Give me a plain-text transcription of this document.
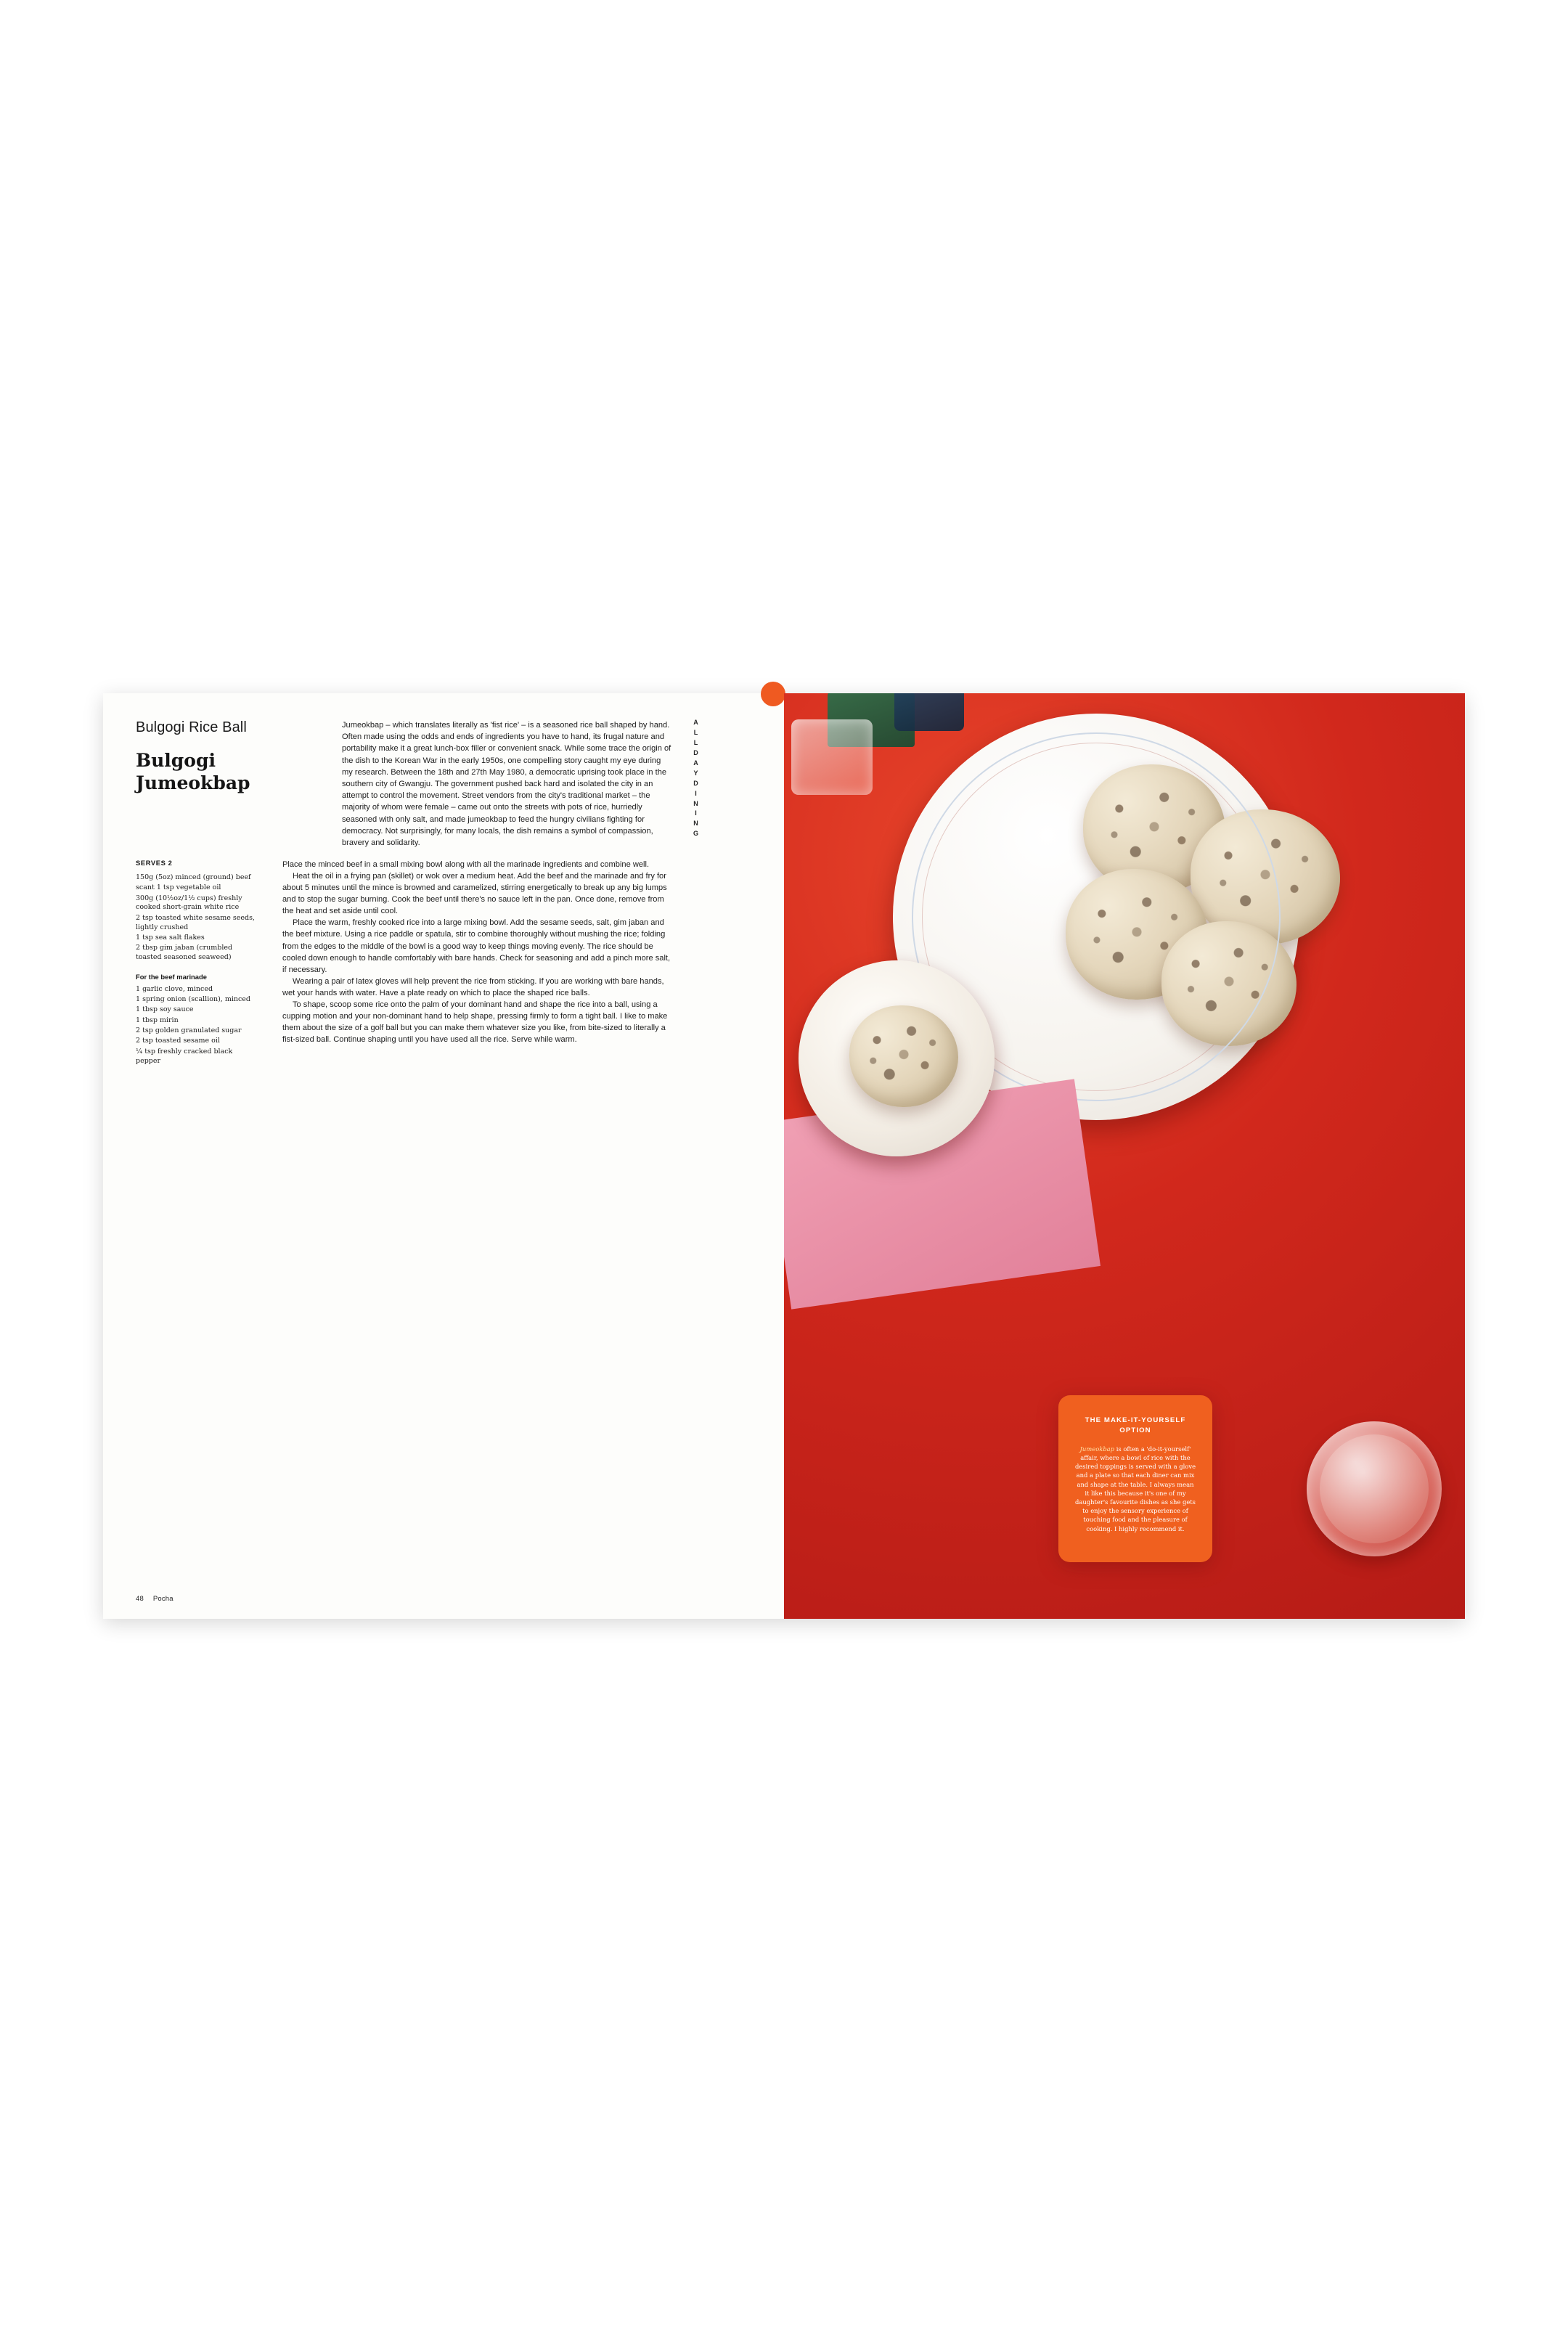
Bulgogi Rice Ball
Bulgogi
Jumeokbap
Jumeokbap – which translates literally as 'fist rice' – is a seasoned rice ball shaped by hand. Often made using the odds and ends of ingredients you have to hand, its frugal nature and portability make it a great lunch-box filler or convenient snack. While some trace the origin of the dish to the Korean War in the early 1950s, one compelling story caught my eye during my research. Between the 18th and 27th May 1980, a democratic uprising took place in the southern city of Gwangju. The government pushed back hard and isolated the city in an attempt to control the movement. Street vendors from the city's traditional market – the majority of whom were female – came out onto the streets with pots of rice, hurriedly seasoned with only salt, and made jumeokbap to feed the hungry civilians fighting for democracy. Not surprisingly, for many locals, the dish remains a symbol of compassion, bravery and solidarity.
A
L
L
D
A
Y
D
I
N
I
N
G
SERVES 2
150g (5oz) minced (ground) beef
scant 1 tsp vegetable oil
300g (10½oz/1½ cups) freshly cooked short-grain white rice
2 tsp toasted white sesame seeds, lightly crushed
1 tsp sea salt flakes
2 tbsp gim jaban (crumbled toasted seasoned seaweed)
For the beef marinade
1 garlic clove, minced
1 spring onion (scallion), minced
1 tbsp soy sauce
1 tbsp mirin
2 tsp golden granulated sugar
2 tsp toasted sesame oil
¼ tsp freshly cracked black pepper

Place the minced beef in a small mixing bowl along with all the marinade ingredients and combine well.

Heat the oil in a frying pan (skillet) or wok over a medium heat. Add the beef and the marinade and fry for about 5 minutes until the mince is browned and caramelized, stirring energetically to break up any big lumps and to stop the sugar burning. Cook the beef until there's no sauce left in the pan. Once done, remove from the heat and set aside until cool.

Place the warm, freshly cooked rice into a large mixing bowl. Add the sesame seeds, salt, gim jaban and the beef mixture. Using a rice paddle or spatula, stir to combine thoroughly without mushing the rice; folding from the edges to the middle of the bowl is a good way to keep things moving evenly. The rice should be cooled down enough to handle comfortably with bare hands. Check for seasoning and add a pinch more salt, if necessary.

Wearing a pair of latex gloves will help prevent the rice from sticking. If you are working with bare hands, wet your hands with water. Have a plate ready on which to place the shaped rice balls.

To shape, scoop some rice onto the palm of your dominant hand and shape the rice into a ball, using a cupping motion and your non-dominant hand to help shape, pressing firmly to form a tight ball. I like to make them about the size of a golf ball but you can make them whatever size you like, from bite-sized to literally a fist-sized ball. Continue shaping until you have used all the rice. Serve while warm.

48 Pocha
THE MAKE-IT-YOURSELF OPTION
Jumeokbap is often a 'do-it-yourself' affair, where a bowl of rice with the desired toppings is served with a glove and a plate so that each diner can mix and shape at the table. I always mean it like this because it's one of my daughter's favourite dishes as she gets to enjoy the sensory experience of touching food and the pleasure of cooking. I highly recommend it.
